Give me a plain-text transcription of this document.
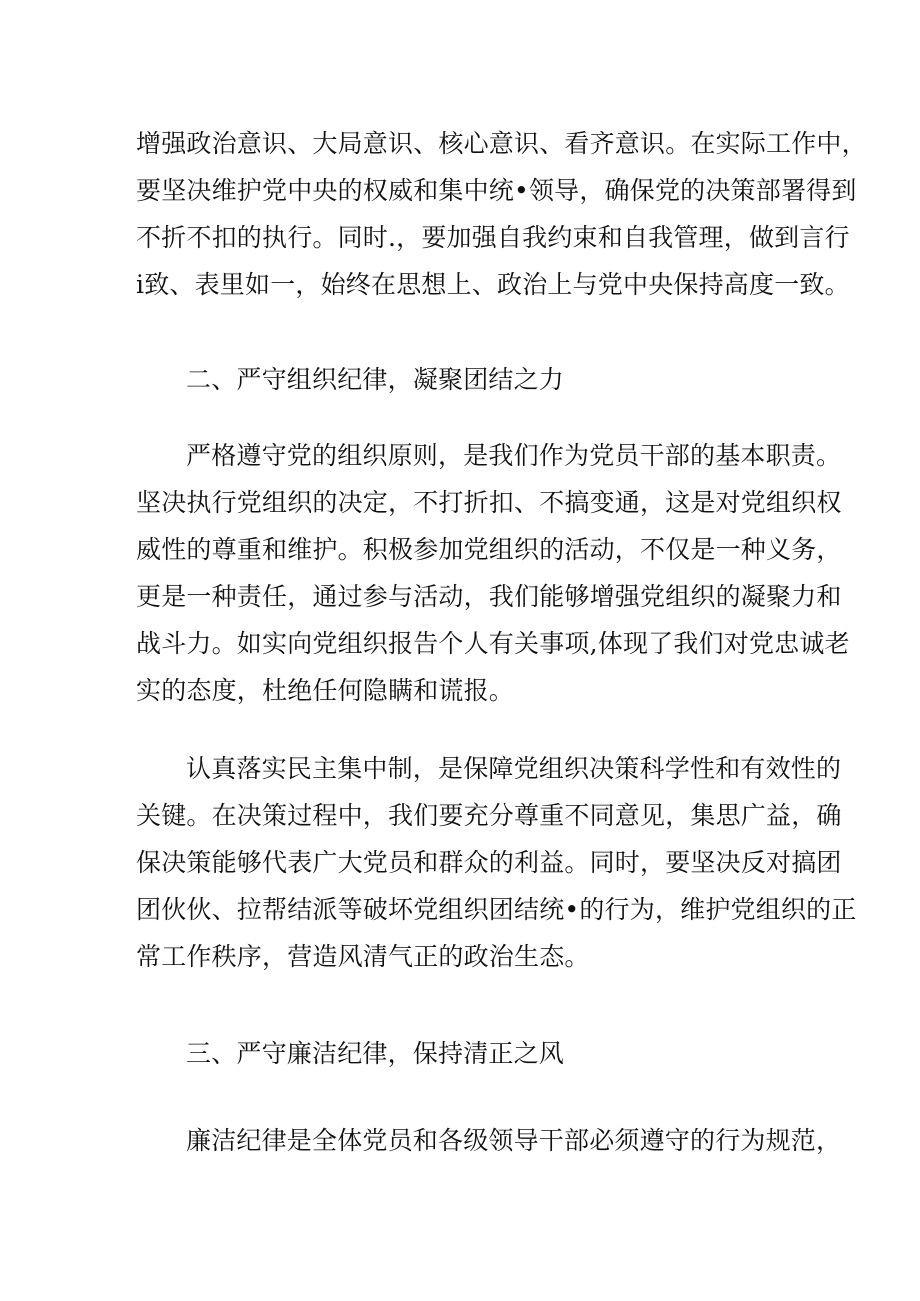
增强政治意识、大局意识、核心意识、看齐意识。在实际工作中，
要坚决维护党中央的权威和集中统•领导，确保党的决策部署得到
不折不扣的执行。同时.，要加强自我约束和自我管理，做到言行
i致、表里如一，始终在思想上、政治上与党中央保持高度一致。
二、严守组织纪律，凝聚团结之力
严格遵守党的组织原则，是我们作为党员干部的基本职责。
坚决执行党组织的决定，不打折扣、不搞变通，这是对党组织权
威性的尊重和维护。积极参加党组织的活动，不仅是一种义务，
更是一种责任，通过参与活动，我们能够增强党组织的凝聚力和
战斗力。如实向党组织报告个人有关事项,体现了我们对党忠诚老
实的态度，杜绝任何隐瞒和谎报。
认真落实民主集中制，是保障党组织决策科学性和有效性的
关键。在决策过程中，我们要充分尊重不同意见，集思广益，确
保决策能够代表广大党员和群众的利益。同时，要坚决反对搞团
团伙伙、拉帮结派等破坏党组织团结统•的行为，维护党组织的正
常工作秩序，营造风清气正的政治生态。
三、严守廉洁纪律，保持清正之风
廉洁纪律是全体党员和各级领导干部必须遵守的行为规范，
